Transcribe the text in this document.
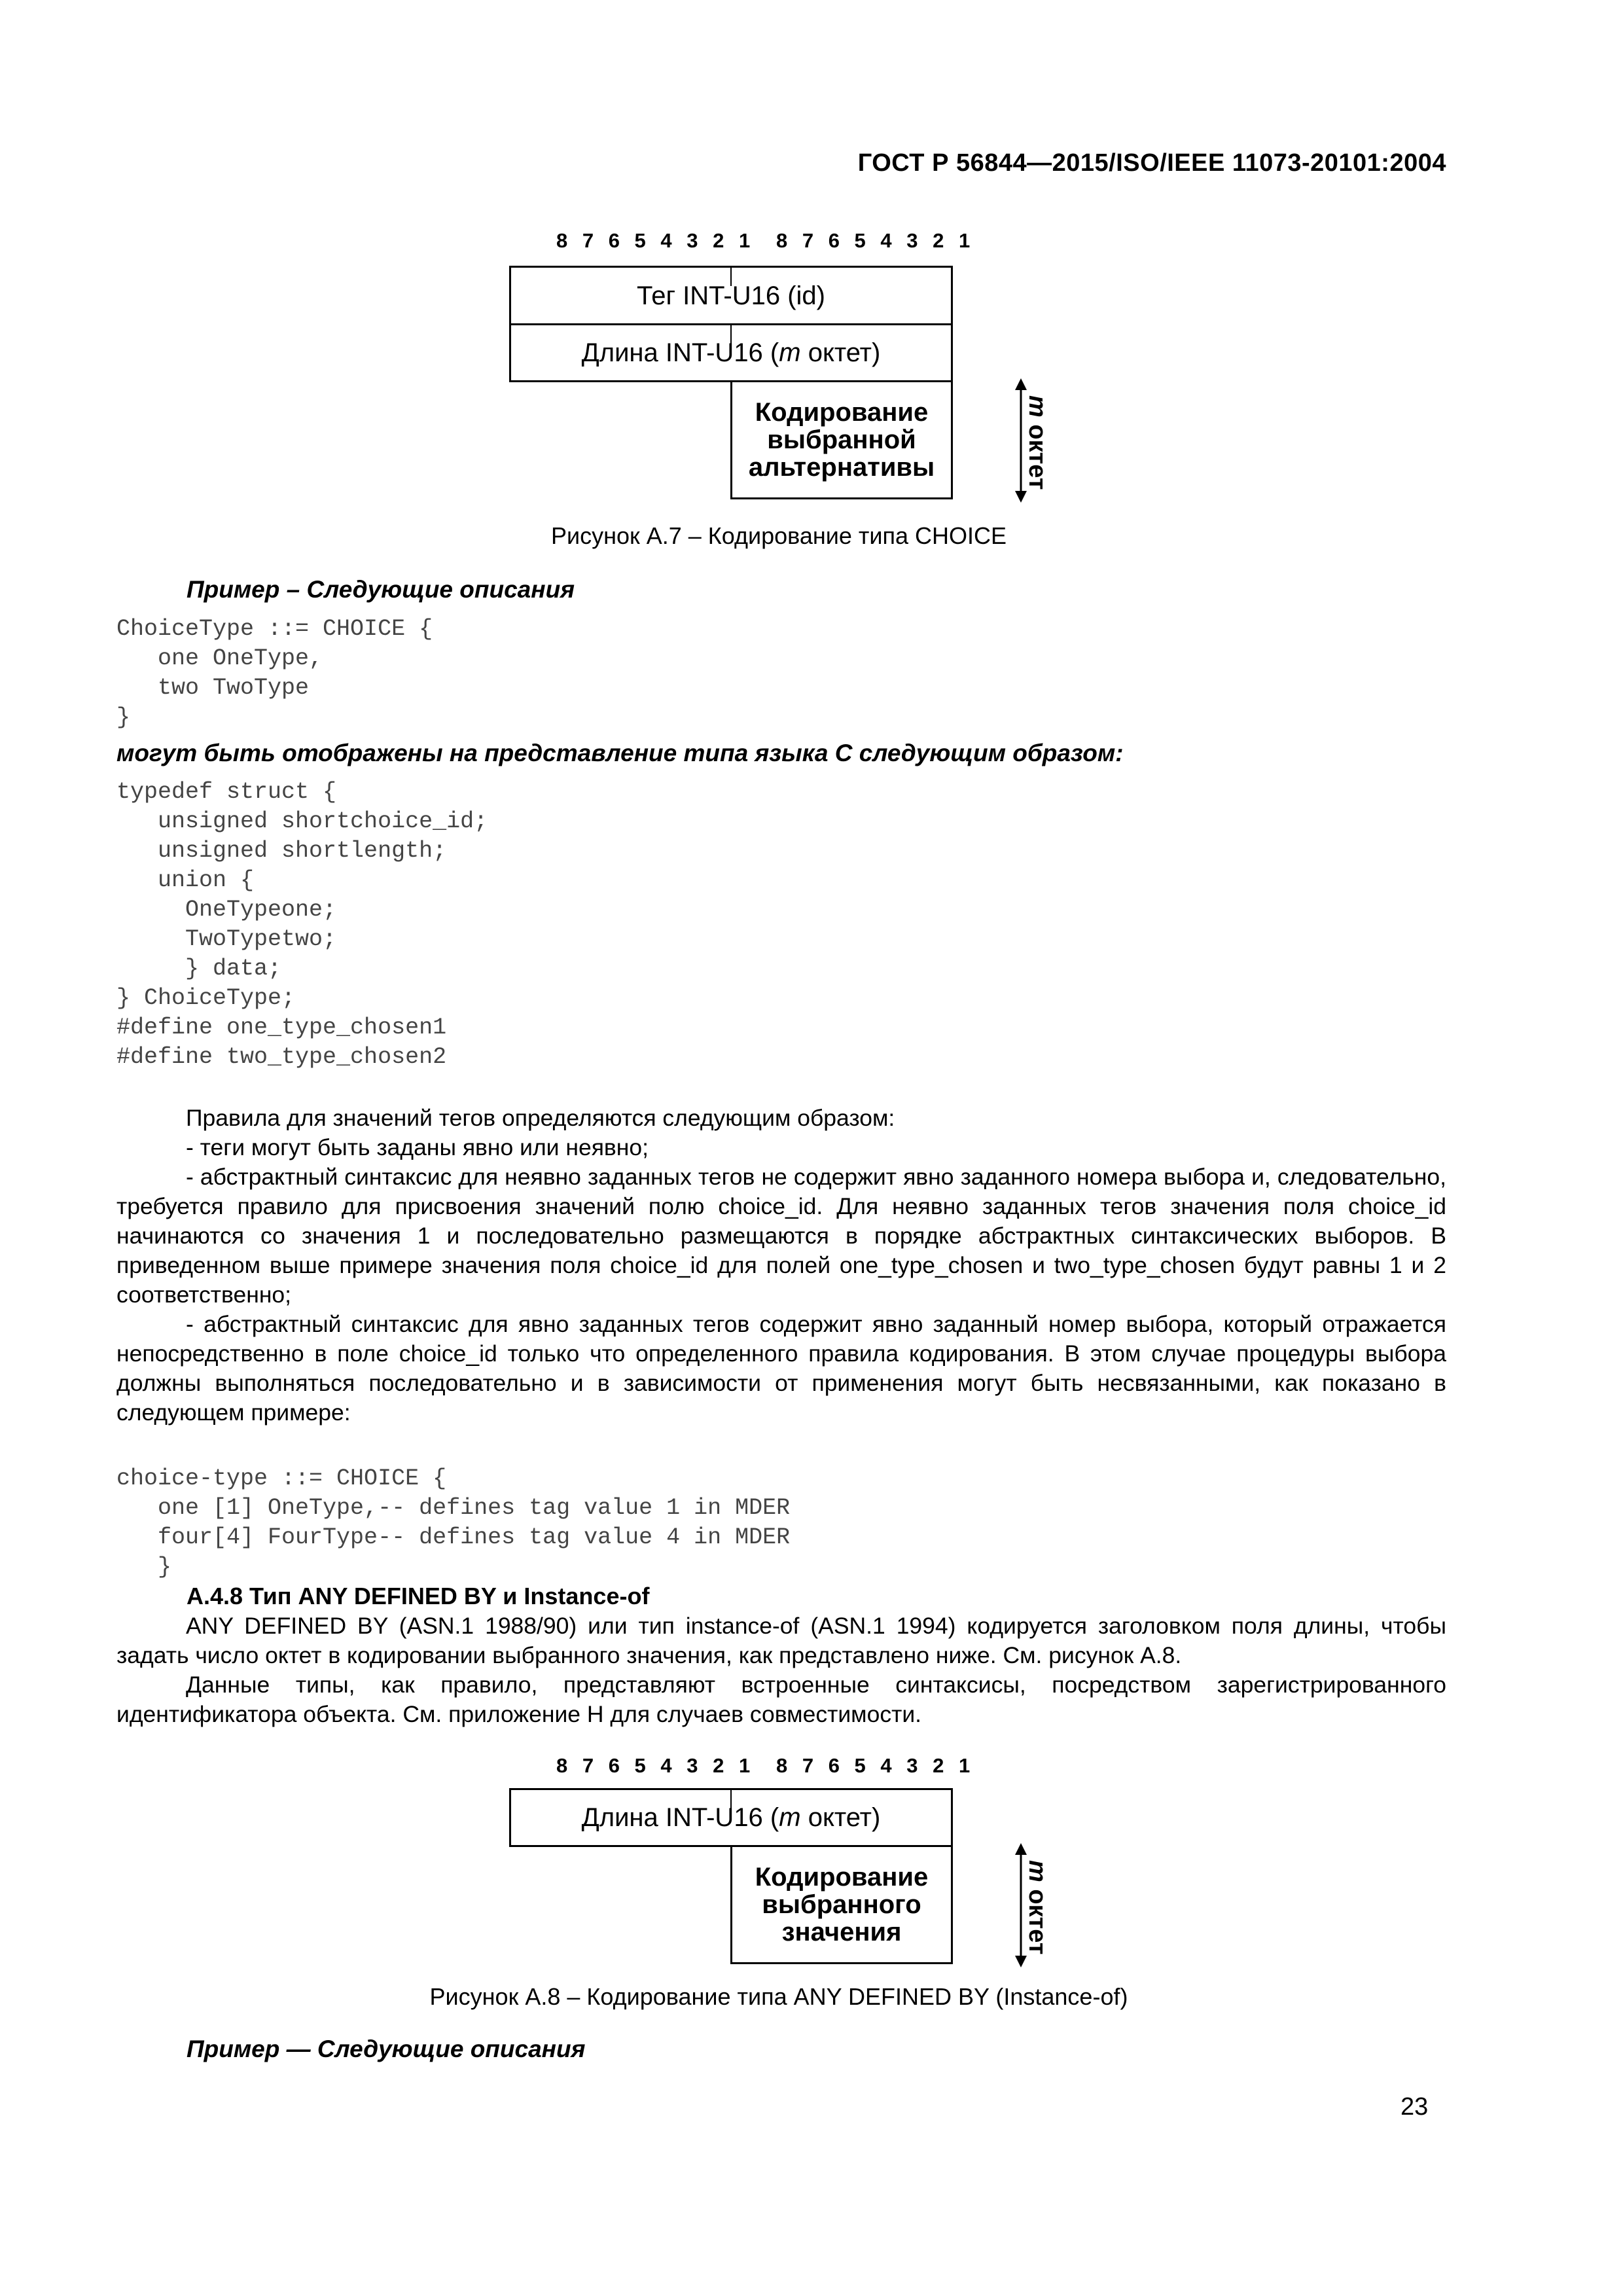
ГОСТ Р 56844—2015/ISO/IEEE 11073-20101:2004
8 7 6 5 4 3 2 1 8 7 6 5 4 3 2 1
Тег INT-U16 (id)
Длина INT-U16 (m октет)
Кодирование
выбранной
альтернативы
m октет
Рисунок А.7 – Кодирование типа CHOICE
Пример – Следующие описания
ChoiceType ::= CHOICE {
one OneType,
two TwoType
}
могут быть отображены на представление типа языка С следующим образом:
typedef struct {
unsigned shortchoice_id;
unsigned shortlength;
union {
OneTypeone;
TwoTypetwo;
} data;
} ChoiceType;
#define one_type_chosen1
#define two_type_chosen2

Правила для значений тегов определяются следующим образом:

- теги могут быть заданы явно или неявно;

- абстрактный синтаксис для неявно заданных тегов не содержит явно заданного номера выбора и, следовательно, требуется правило для присвоения значений полю choice_id. Для неявно заданных тегов значения поля choice_id начинаются со значения 1 и последовательно размещаются в порядке абстрактных синтаксических выборов. В приведенном выше примере значения поля choice_id для полей one_type_chosen и two_type_chosen будут равны 1 и 2 соответственно;

- абстрактный синтаксис для явно заданных тегов содержит явно заданный номер выбора, который отражается непосредственно в поле choice_id только что определенного правила кодирования. В этом случае процедуры выбора должны выполняться последовательно и в зависимости от применения могут быть несвязанными, как показано в следующем примере:

choice-type ::= CHOICE {
one [1] OneType,-- defines tag value 1 in MDER
four[4] FourType-- defines tag value 4 in MDER
}
А.4.8 Тип ANY DEFINED BY и Instance-of

ANY DEFINED BY (ASN.1 1988/90) или тип instance-of (ASN.1 1994) кодируется заголовком поля длины, чтобы задать число октет в кодировании выбранного значения, как представлено ниже. См. рисунок А.8.

Данные типы, как правило, представляют встроенные синтаксисы, посредством зарегистрированного идентификатора объекта. См. приложение Н для случаев совместимости.

8 7 6 5 4 3 2 1 8 7 6 5 4 3 2 1
Длина INT-U16 (m октет)
Кодирование
выбранного
значения
m октет
Рисунок А.8 – Кодирование типа ANY DEFINED BY (Instance-of)
Пример — Следующие описания
23
